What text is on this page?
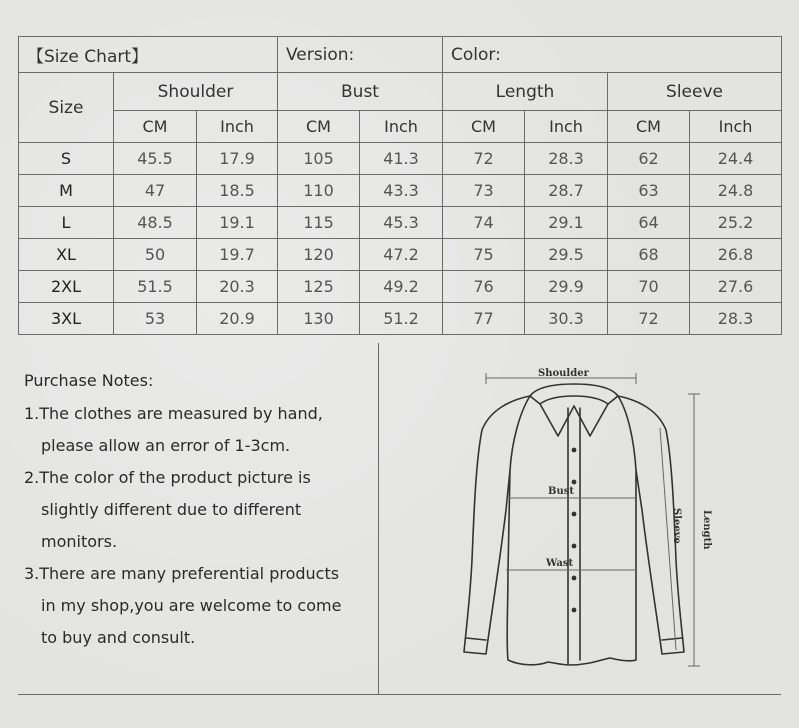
【Size Chart】			Version:		Color:			
Size	Shoulder		Bust		Length		Sleeve	
	CM	Inch	CM	Inch	CM	Inch	CM	Inch
S	45.5	17.9	105	41.3	72	28.3	62	24.4
M	47	18.5	110	43.3	73	28.7	63	24.8
L	48.5	19.1	115	45.3	74	29.1	64	25.2
XL	50	19.7	120	47.2	75	29.5	68	26.8
2XL	51.5	20.3	125	49.2	76	29.9	70	27.6
3XL	53	20.9	130	51.2	77	30.3	72	28.3
Purchase Notes:
1.The clothes are measured by hand,
please allow an error of 1-3cm.
2.The color of the product picture is
slightly different due to different
monitors.
3.There are many preferential products
in my shop,you are welcome to come
to buy and consult.
Shoulder
Bust
Wast
Sleeve Length
